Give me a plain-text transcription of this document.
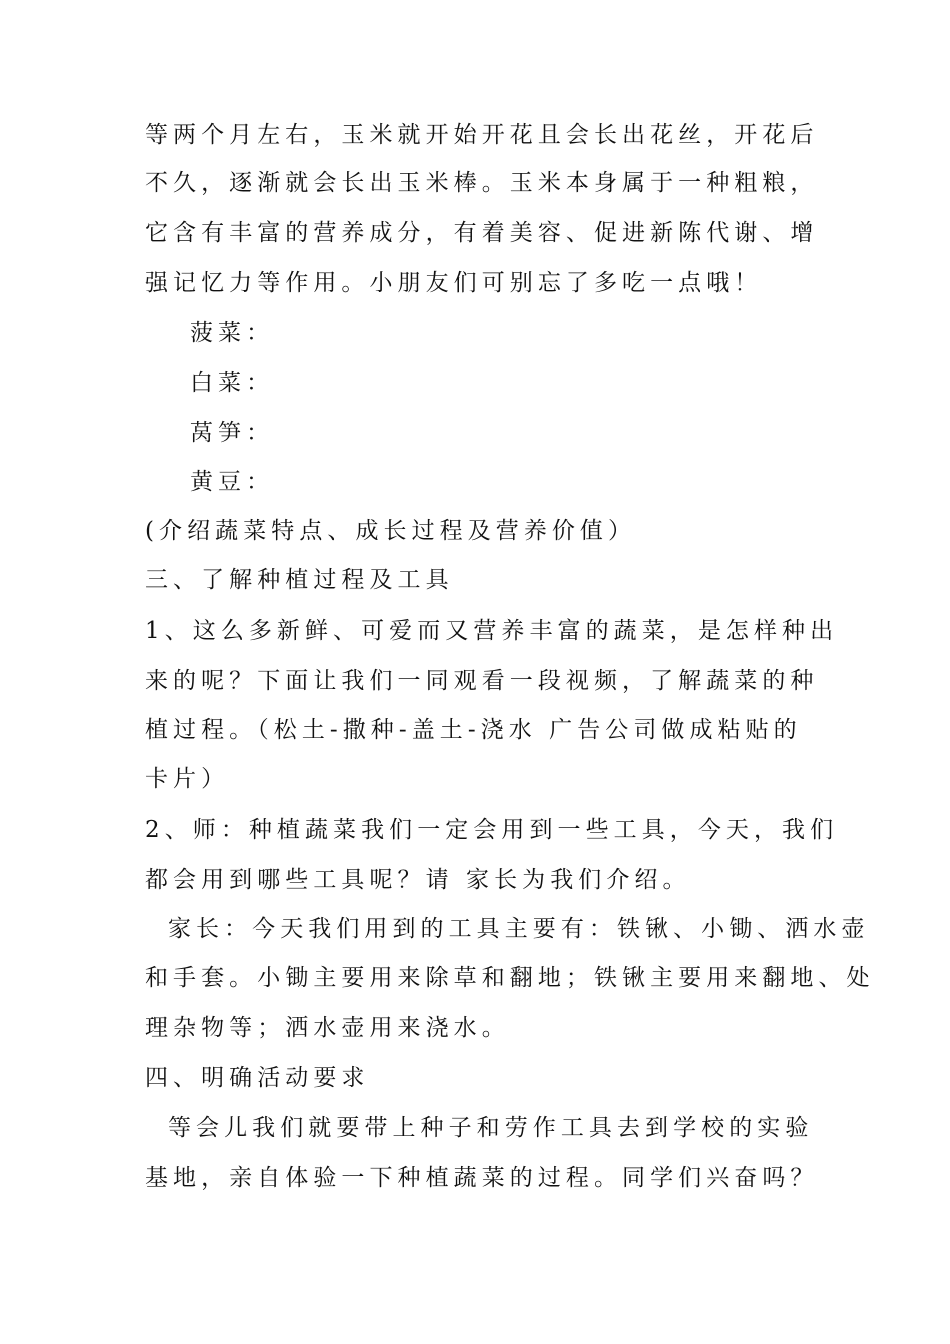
等两个月左右，玉米就开始开花且会长出花丝，开花后
不久，逐渐就会长出玉米棒。玉米本身属于一种粗粮，
它含有丰富的营养成分，有着美容、促进新陈代谢、增
强记忆力等作用。小朋友们可别忘了多吃一点哦！
菠菜：
白菜：
莴笋：
黄豆：
(介绍蔬菜特点、成长过程及营养价值）
三、了解种植过程及工具
1、这么多新鲜、可爱而又营养丰富的蔬菜，是怎样种出
来的呢？下面让我们一同观看一段视频，了解蔬菜的种
植过程。（松土-撒种-盖土-浇水 广告公司做成粘贴的
卡片）
2、师：种植蔬菜我们一定会用到一些工具，今天，我们
都会用到哪些工具呢？请 家长为我们介绍。
家长：今天我们用到的工具主要有：铁锹、小锄、洒水壶
和手套。小锄主要用来除草和翻地；铁锹主要用来翻地、处
理杂物等；洒水壶用来浇水。
四、明确活动要求
等会儿我们就要带上种子和劳作工具去到学校的实验
基地，亲自体验一下种植蔬菜的过程。同学们兴奋吗？
